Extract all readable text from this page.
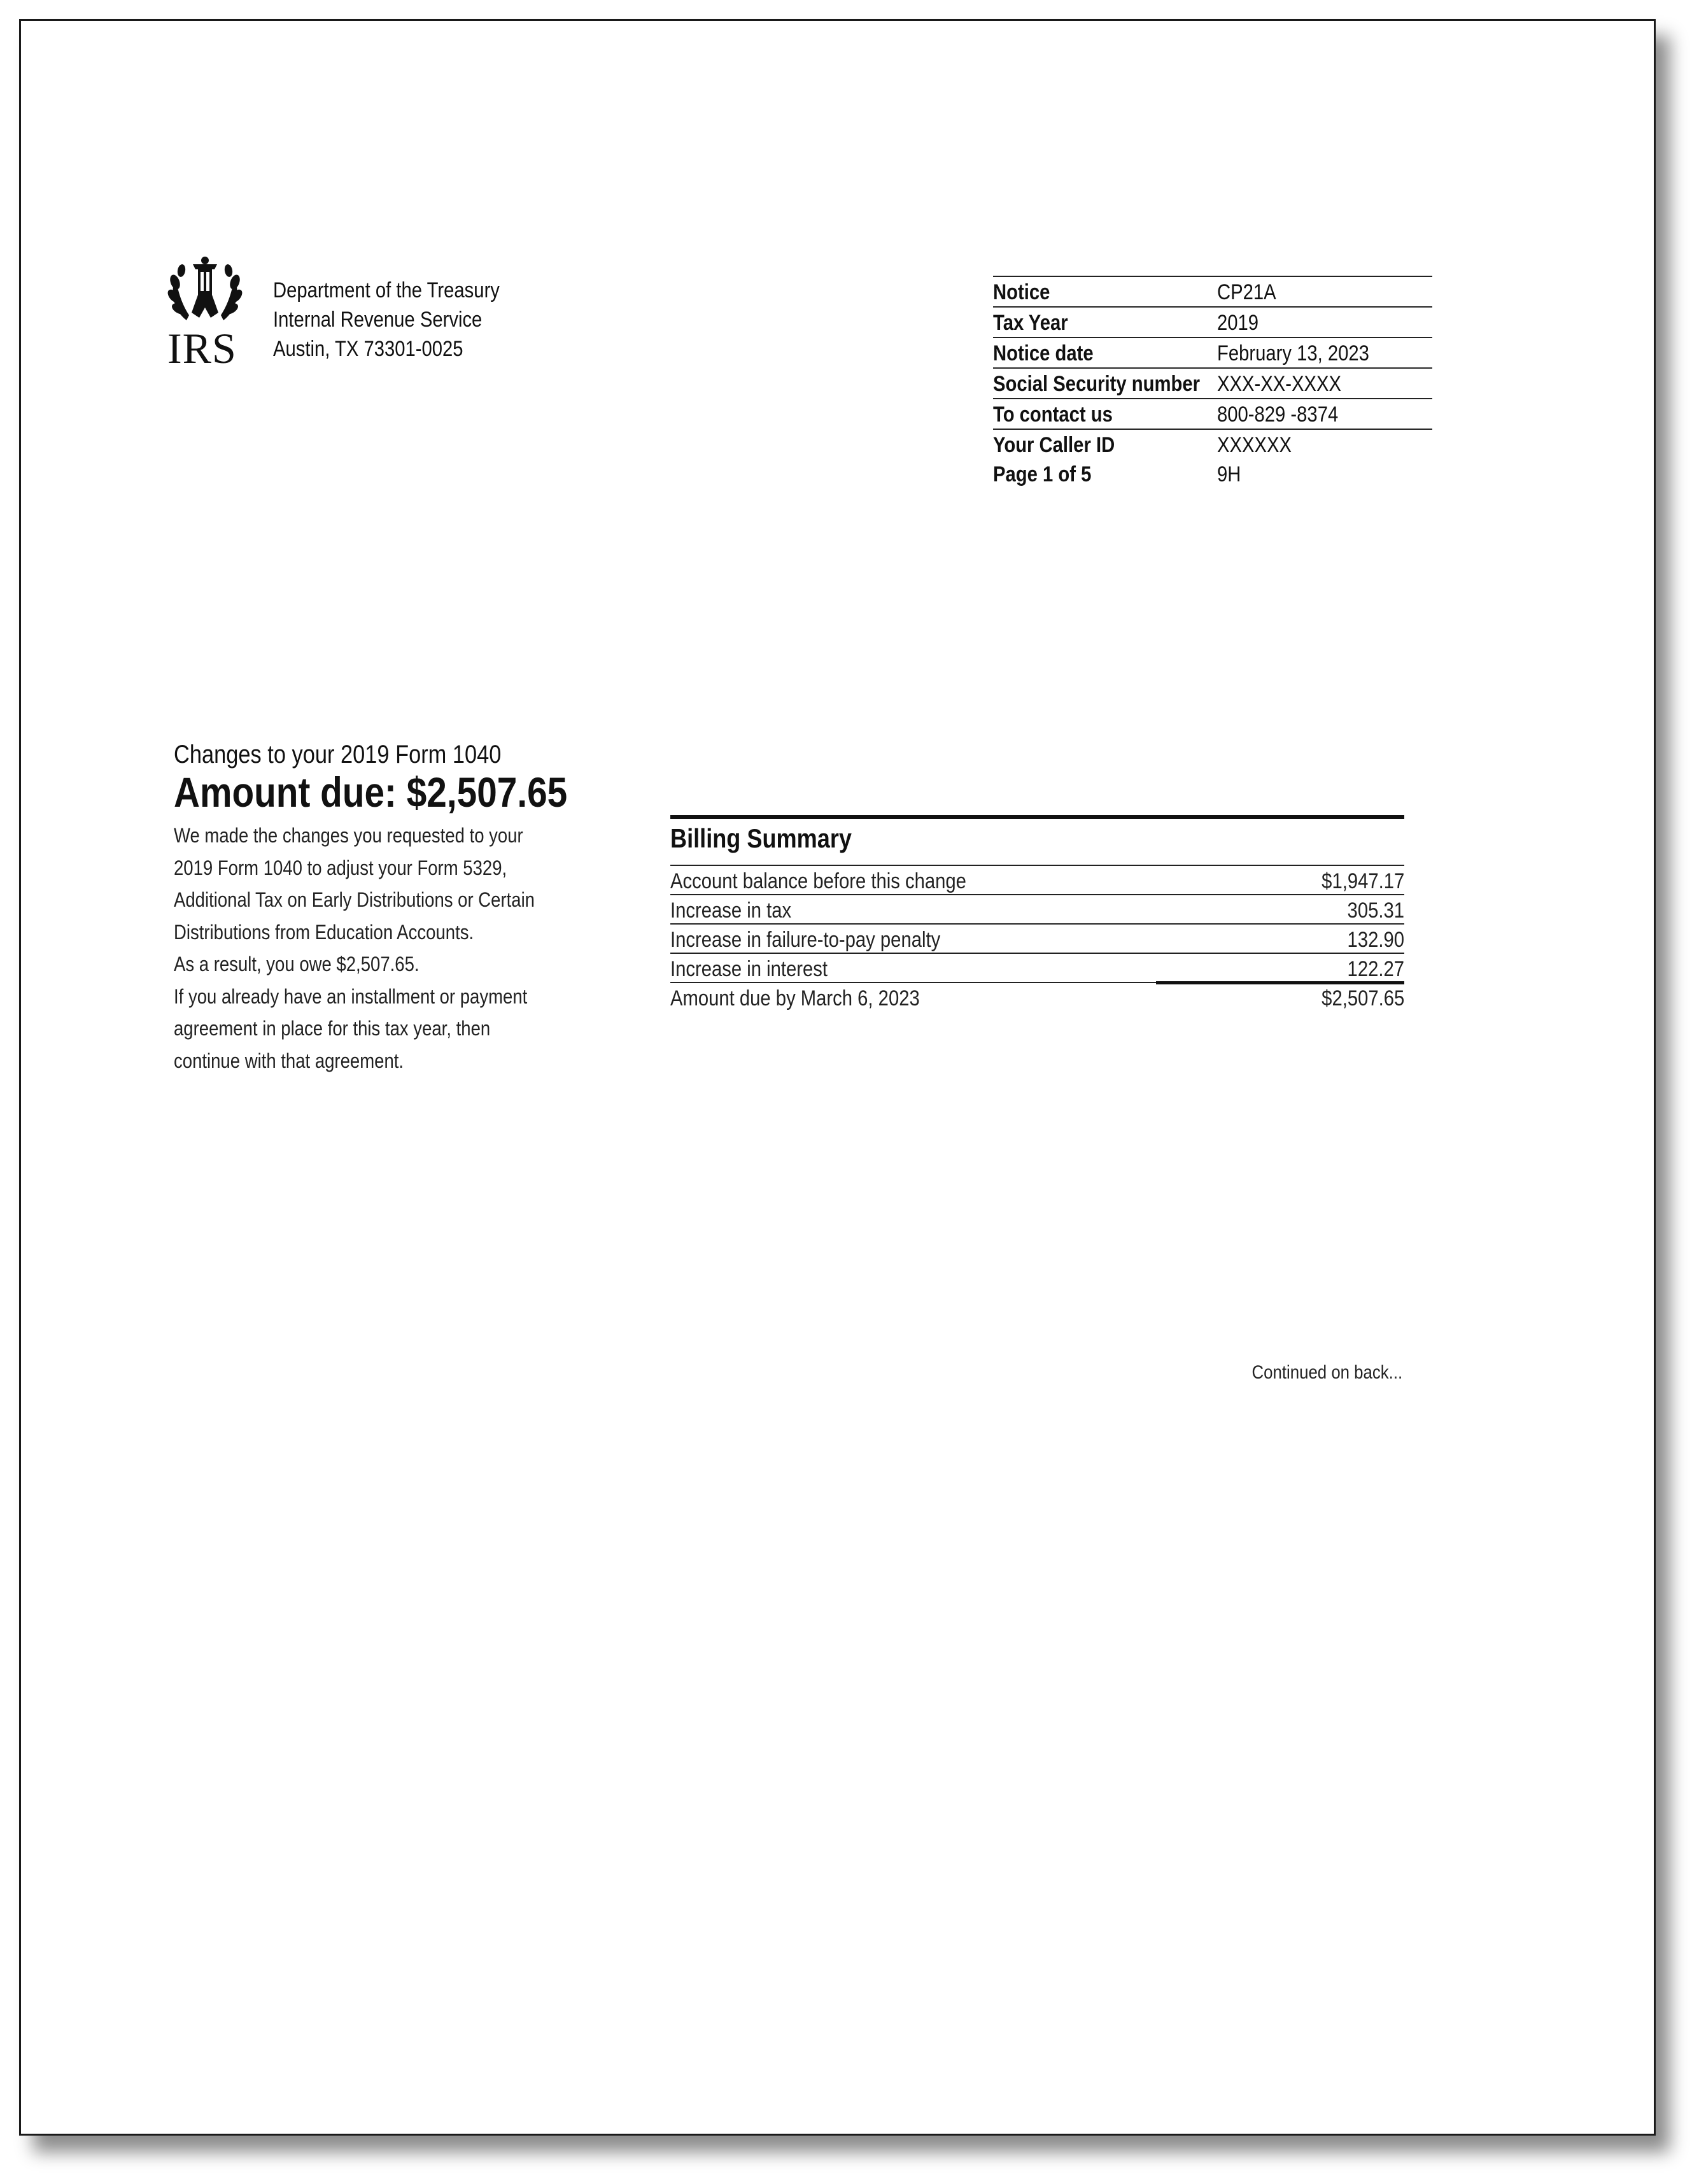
IRS
Department of the Treasury
Internal Revenue Service
Austin, TX 73301-0025
Notice	CP21A
Tax Year	2019
Notice date	February 13, 2023
Social Security number XXX-XX-XXXX
To contact us	800-829 -8374
Your Caller ID	XXXXXX
Page 1 of 5	9H
Changes to your 2019 Form 1040
Amount due: $2,507.65
We made the changes you requested to your
2019 Form 1040 to adjust your Form 5329,
Additional Tax on Early Distributions or Certain
Distributions from Education Accounts.
As a result, you owe $2,507.65.
If you already have an installment or payment
agreement in place for this tax year, then
continue with that agreement.
Billing Summary
Account balance before this change	$1,947.17
Increase in tax	305.31
Increase in failure-to-pay penalty	132.90
Increase in interest	122.27
Amount due by March 6, 2023	$2,507.65
Continued on back...
